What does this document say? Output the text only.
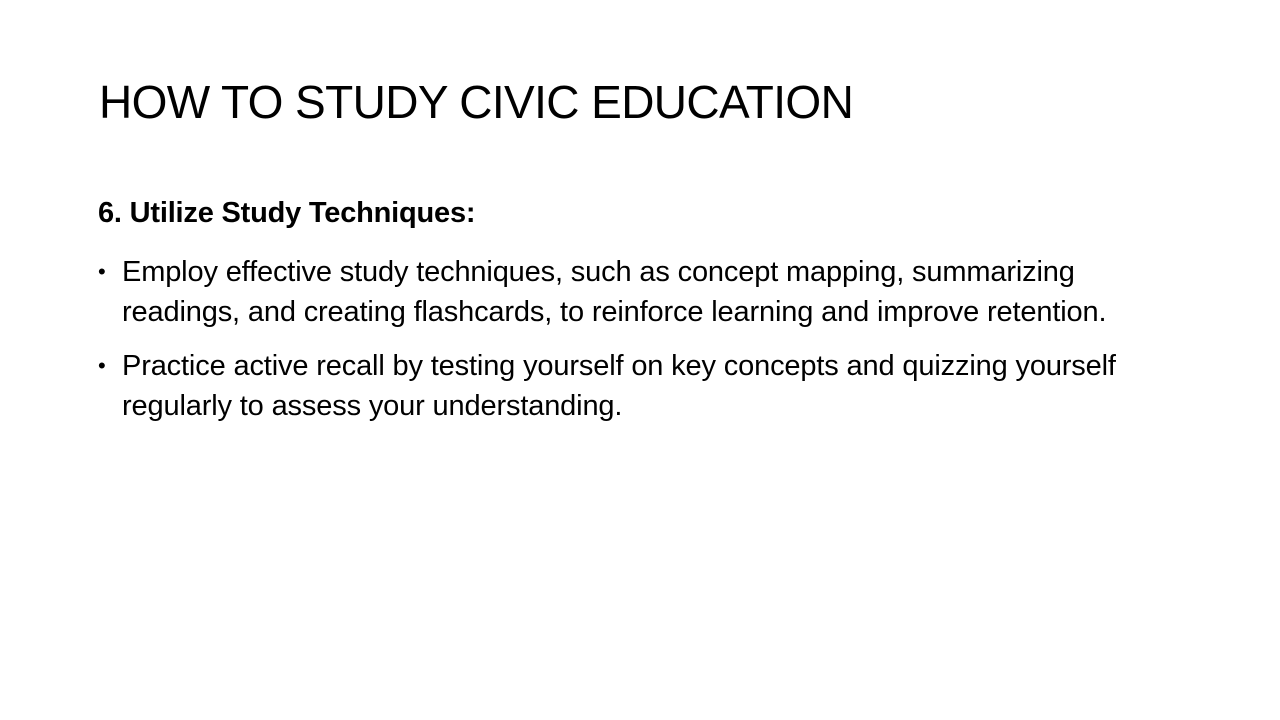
HOW TO STUDY CIVIC EDUCATION
6. Utilize Study Techniques:
• Employ effective study techniques, such as concept mapping, summarizing readings, and creating flashcards, to reinforce learning and improve retention.
• Practice active recall by testing yourself on key concepts and quizzing yourself regularly to assess your understanding.
